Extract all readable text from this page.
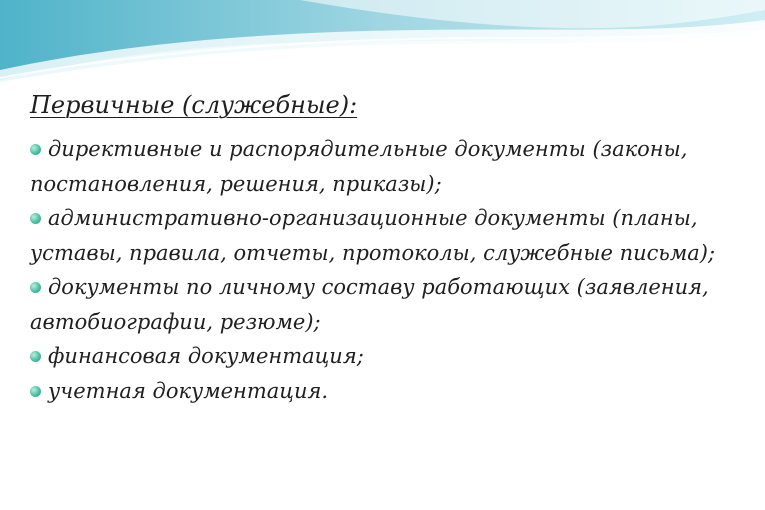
Первичные (служебные):
директивные и распорядительные документы (законы, постановления, решения, приказы);
административно-организационные документы (планы, уставы, правила, отчеты, протоколы, служебные письма);
документы по личному составу работающих (заявления, автобиографии, резюме);
финансовая документация;
учетная документация.
